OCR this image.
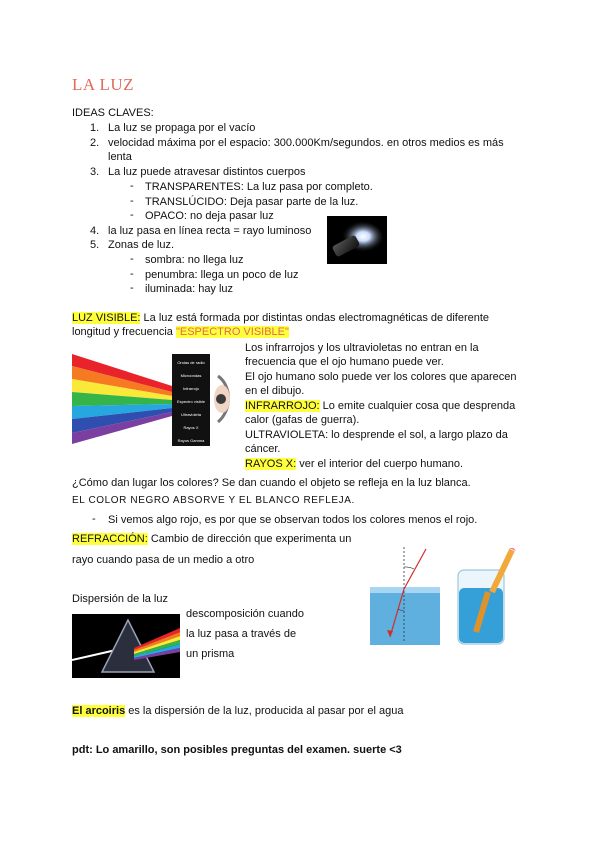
LA LUZ
IDEAS CLAVES:
1. La luz se propaga por el vacío
2. velocidad máxima por el espacio: 300.000Km/segundos. en otros medios es más
lenta
3. La luz puede atravesar distintos cuerpos
- TRANSPARENTES: La luz pasa por completo.
- TRANSLÚCIDO: Deja pasar parte de la luz.
- OPACO: no deja pasar luz
4. la luz pasa en línea recta = rayo luminoso
5. Zonas de luz.
- sombra: no llega luz
- penumbra: llega un poco de luz
- iluminada: hay luz
LUZ VISIBLE: La luz está formada por distintas ondas electromagnéticas de diferente
longitud y frecuencia "ESPECTRO VISIBLE"
Ondas de radio
Microondas
Infrarrojo
Espectro visible
Ultravioleta
Rayos X
Rayos Gamma
Los infrarrojos y los ultravioletas no entran en la
frecuencia que el ojo humano puede ver.
El ojo humano solo puede ver los colores que aparecen
en el dibujo.
INFRARROJO: Lo emite cualquier cosa que desprenda
calor (gafas de guerra).
ULTRAVIOLETA: lo desprende el sol, a largo plazo da
cáncer.
RAYOS X: ver el interior del cuerpo humano.
¿Cómo dan lugar los colores? Se dan cuando el objeto se refleja en la luz blanca.
EL COLOR NEGRO ABSORVE Y EL BLANCO REFLEJA.
- Si vemos algo rojo, es por que se observan todos los colores menos el rojo.
REFRACCIÓN: Cambio de dirección que experimenta un
rayo cuando pasa de un medio a otro
Dispersión de la luz
descomposición cuando
la luz pasa a través de
un prisma
El arcoiris es la dispersión de la luz, producida al pasar por el agua
pdt: Lo amarillo, son posibles preguntas del examen. suerte <3
